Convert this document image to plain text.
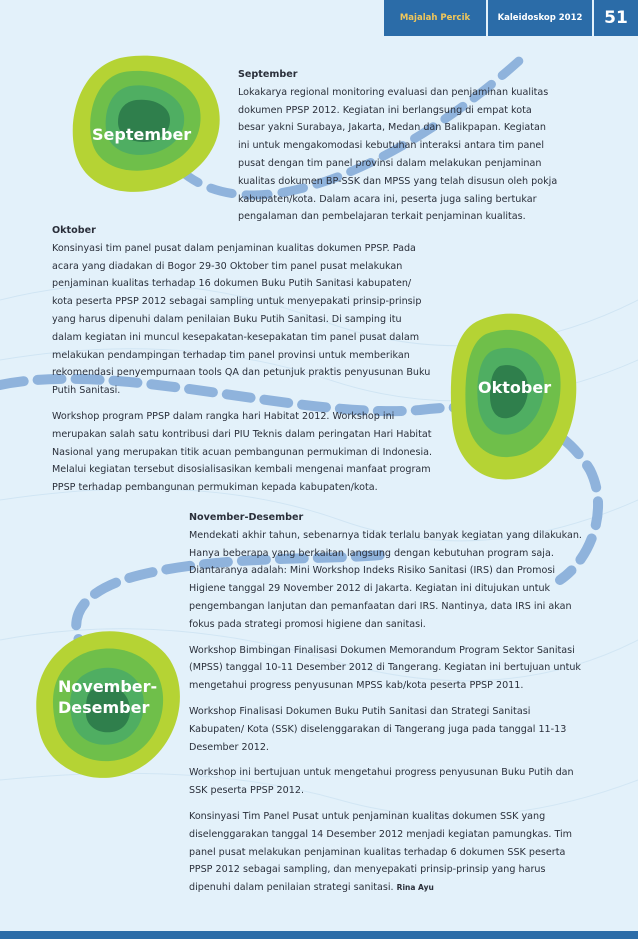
Majalah Percik	Kaleidoskop 2012	51
September
Oktober
November-
Desember

September

Lokakarya regional monitoring evaluasi dan penjaminan kualitas dokumen PPSP 2012. Kegiatan ini berlangsung di empat kota besar yakni Surabaya, Jakarta, Medan dan Balikpapan. Kegiatan ini untuk mengakomodasi kebutuhan interaksi antara tim panel pusat dengan tim panel provinsi dalam melakukan penjaminan kualitas dokumen BP-SSK dan MPSS yang telah disusun oleh pokja kabupaten/kota. Dalam acara ini, peserta juga saling bertukar pengalaman dan pembelajaran terkait penjaminan kualitas.

Oktober

Konsinyasi tim panel pusat dalam penjaminan kualitas dokumen PPSP. Pada acara yang diadakan di Bogor 29-30 Oktober tim panel pusat melakukan penjaminan kualitas terhadap 16 dokumen Buku Putih Sanitasi kabupaten/ kota peserta PPSP 2012 sebagai sampling untuk menyepakati prinsip-prinsip yang harus dipenuhi dalam penilaian Buku Putih Sanitasi. Di samping itu dalam kegiatan ini muncul kesepakatan-kesepakatan tim panel pusat dalam melakukan pendampingan terhadap tim panel provinsi untuk memberikan rekomendasi penyempurnaan tools QA dan petunjuk praktis penyusunan Buku Putih Sanitasi.

Workshop program PPSP dalam rangka hari Habitat 2012. Workshop ini merupakan salah satu kontribusi dari PIU Teknis dalam peringatan Hari Habitat Nasional yang merupakan titik acuan pembangunan permukiman di Indonesia. Melalui kegiatan tersebut disosialisasikan kembali mengenai manfaat program PPSP terhadap pembangunan permukiman kepada kabupaten/kota.

November-Desember

Mendekati akhir tahun, sebenarnya tidak terlalu banyak kegiatan yang dilakukan. Hanya beberapa yang berkaitan langsung dengan kebutuhan program saja. Diantaranya adalah: Mini Workshop Indeks Risiko Sanitasi (IRS) dan Promosi Higiene tanggal 29 November 2012 di Jakarta. Kegiatan ini ditujukan untuk pengembangan lanjutan dan pemanfaatan dari IRS. Nantinya, data IRS ini akan fokus pada strategi promosi higiene dan sanitasi.

Workshop Bimbingan Finalisasi Dokumen Memorandum Program Sektor Sanitasi (MPSS) tanggal 10-11 Desember 2012 di Tangerang. Kegiatan ini bertujuan untuk mengetahui progress penyusunan MPSS kab/kota peserta PPSP 2011.

Workshop Finalisasi Dokumen Buku Putih Sanitasi dan Strategi Sanitasi Kabupaten/ Kota (SSK) diselenggarakan di Tangerang juga pada tanggal 11-13 Desember 2012.

Workshop ini bertujuan untuk mengetahui progress penyusunan Buku Putih dan SSK peserta PPSP 2012.

Konsinyasi Tim Panel Pusat untuk penjaminan kualitas dokumen SSK yang diselenggarakan tanggal 14 Desember 2012 menjadi kegiatan pamungkas. Tim panel pusat melakukan penjaminan kualitas terhadap 6 dokumen SSK peserta PPSP 2012 sebagai sampling, dan menyepakati prinsip-prinsip yang harus dipenuhi dalam penilaian strategi sanitasi. Rina Ayu
